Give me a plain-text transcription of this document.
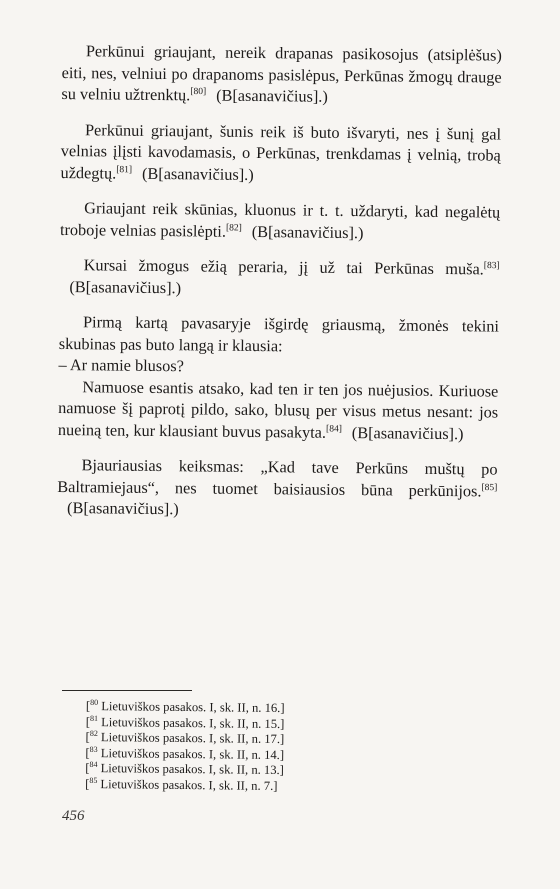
Perkūnui griaujant, nereik drapanas pasikosojus (atsiplėšus) eiti, nes, velniui po drapanoms pasislėpus, Perkūnas žmogų drauge su velniu užtrenktų.[80] (B[asanavičius].)

Perkūnui griaujant, šunis reik iš buto išvaryti, nes į šunį gal velnias įlįsti kavodamasis, o Perkūnas, trenkdamas į velnią, trobą uždegtų.[81] (B[asanavičius].)

Griaujant reik skūnias, kluonus ir t. t. uždaryti, kad negalėtų troboje velnias pasislėpti.[82] (B[asanavičius].)

Kursai žmogus ežią perariа, jį už tai Perkūnas muša.[83](B[asanavičius].)

Pirmą kartą pavasaryje išgirdę griausmą, žmonės tekini skubinas pas buto langą ir klausia:

– Ar namie blusos?

Namuose esantis atsako, kad ten ir ten jos nuėjusios. Kuriuose namuose šį paprotį pildo, sako, blusų per visus metus nesant: jos nueiną ten, kur klausiant buvus pasakyta.[84] (B[asanavičius].)

Bjauriausias keiksmas: „Kad tave Perkūns muštų po Baltramiejaus“, nes tuomet baisiausios būna perkūnijos.[85](B[asanavičius].)

[$^{80}$ Lietuviškos pasakos. I, sk. II, n. 16.]
[$^{81}$ Lietuviškos pasakos. I, sk. II, n. 15.]
[$^{82}$ Lietuviškos pasakos. I, sk. II, n. 17.]
[$^{83}$ Lietuviškos pasakos. I, sk. II, n. 14.]
[$^{84}$ Lietuviškos pasakos. I, sk. II, n. 13.]
[$^{85}$ Lietuviškos pasakos. I, sk. II, n. 7.]
456
